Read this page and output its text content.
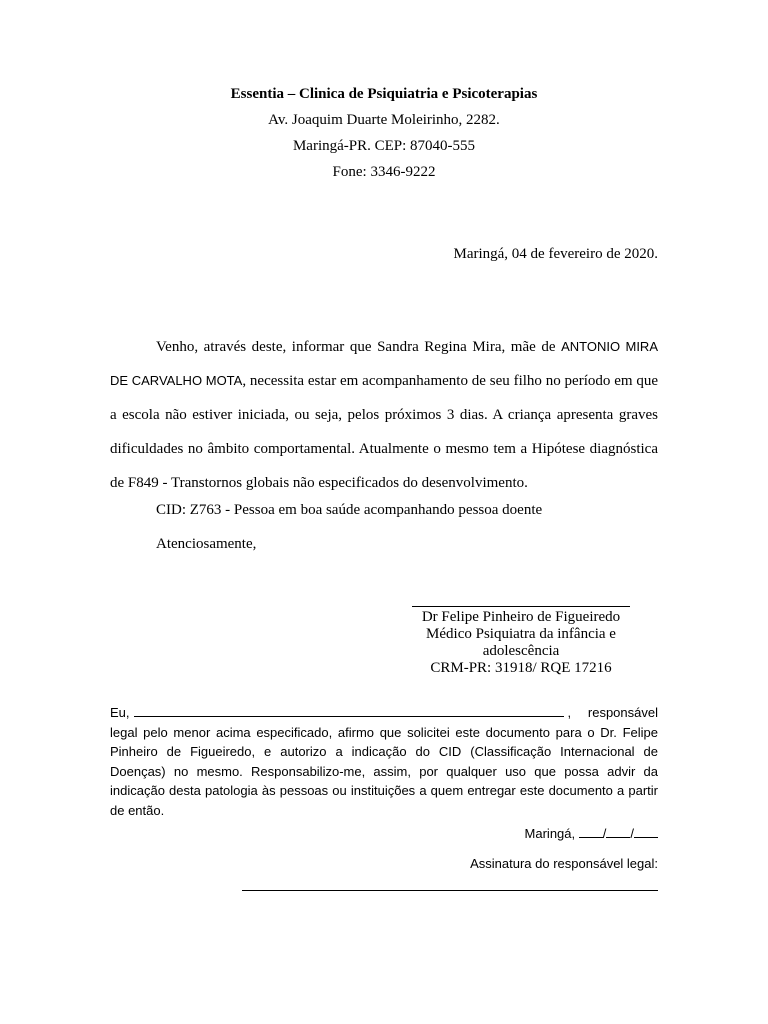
Essentia – Clinica de Psiquiatria e Psicoterapias
Av. Joaquim Duarte Moleirinho, 2282.
Maringá-PR. CEP: 87040-555
Fone: 3346-9222
Maringá, 04 de fevereiro de 2020.

Venho, através deste, informar que Sandra Regina Mira, mãe de ANTONIO MIRA DE CARVALHO MOTA, necessita estar em acompanhamento de seu filho no período em que a escola não estiver iniciada, ou seja, pelos próximos 3 dias. A criança apresenta graves dificuldades no âmbito comportamental. Atualmente o mesmo tem a Hipótese diagnóstica de F849 - Transtornos globais não especificados do desenvolvimento.

CID: Z763 - Pessoa em boa saúde acompanhando pessoa doente
Atenciosamente,
Dr Felipe Pinheiro de Figueiredo
Médico Psiquiatra da infância e adolescência
CRM-PR: 31918/ RQE 17216
Eu,	, responsável legal pelo menor acima especificado, afirmo que solicitei este documento para o Dr. Felipe Pinheiro de Figueiredo, e autorizo a indicação do CID (Classificação Internacional de Doenças) no mesmo. Responsabilizo-me, assim, por qualquer uso que possa advir da indicação desta patologia às pessoas ou instituições a quem entregar este documento a partir de então.
Maringá, / /
Assinatura do responsável legal:
